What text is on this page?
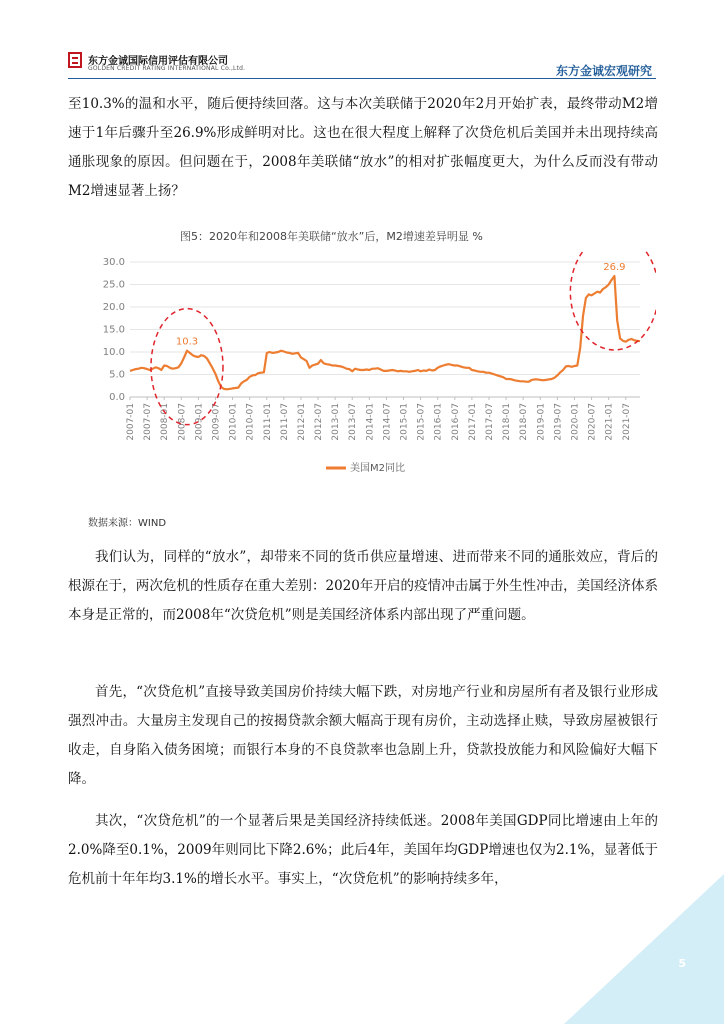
东方金诚国际信用评估有限公司
GOLDEN CREDIT RATING INTERNATIONAL Co.,Ltd.	东方金诚宏观研究

至10.3%的温和水平，随后便持续回落。这与本次美联储于2020年2月开始扩表，最终带动M2增速于1年后骤升至26.9%形成鲜明对比。这也在很大程度上解释了次贷危机后美国并未出现持续高通胀现象的原因。但问题在于，2008年美联储“放水”的相对扩张幅度更大，为什么反而没有带动M2增速显著上扬？

图5：2020年和2008年美联储“放水”后，M2增速差异明显 %
0.0
5.0
10.0
15.0
20.0
25.0
30.0
2007-01 2007-07 2008-01 2008-07 2009-01 2009-07 2010-01 2010-07 2011-01 2011-07 2012-01 2012-07 2013-01 2013-07 2014-01 2014-07 2015-01 2015-07 2016-01 2016-07 2017-01 2017-07 2018-01 2018-07 2019-01 2019-07 2020-01 2020-07 2021-01 2021-07
10.3
26.9
美国M2同比
数据来源：WIND

我们认为，同样的“放水”，却带来不同的货币供应量增速、进而带来不同的通胀效应，背后的根源在于，两次危机的性质存在重大差别：2020年开启的疫情冲击属于外生性冲击，美国经济体系本身是正常的，而2008年“次贷危机”则是美国经济体系内部出现了严重问题。

首先，“次贷危机”直接导致美国房价持续大幅下跌，对房地产行业和房屋所有者及银行业形成强烈冲击。大量房主发现自己的按揭贷款余额大幅高于现有房价，主动选择止赎，导致房屋被银行收走，自身陷入债务困境；而银行本身的不良贷款率也急剧上升，贷款投放能力和风险偏好大幅下降。

其次，“次贷危机”的一个显著后果是美国经济持续低迷。2008年美国GDP同比增速由上年的2.0%降至0.1%，2009年则同比下降2.6%；此后4年，美国年均GDP增速也仅为2.1%，显著低于危机前十年年均3.1%的增长水平。事实上，“次贷危机”的影响持续多年，

5
